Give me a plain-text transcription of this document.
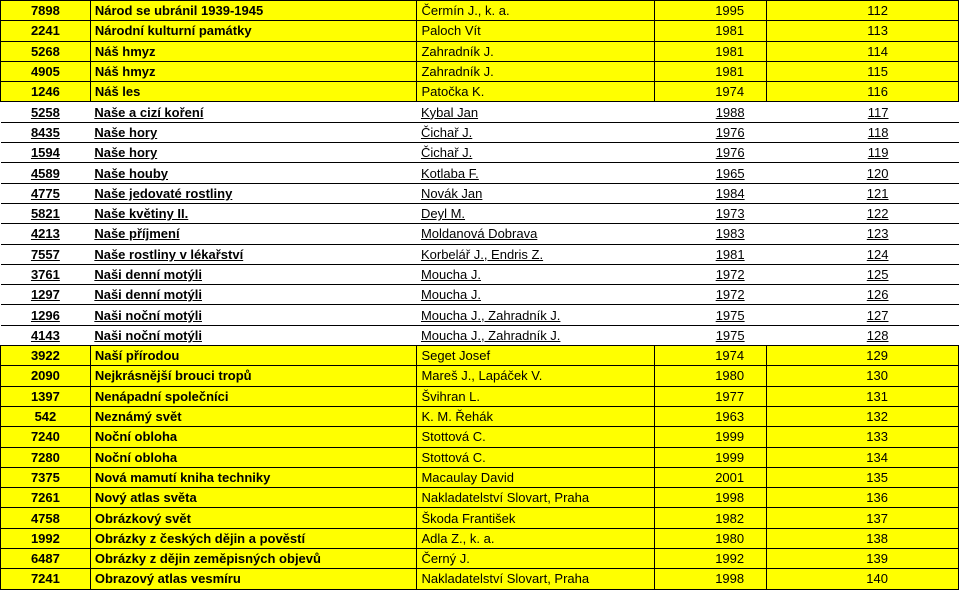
7898	Národ se ubránil 1939-1945	Čermín J., k. a.	1995	112
2241	Národní kulturní památky	Paloch Vít	1981	113
5268	Náš hmyz	Zahradník J.	1981	114
4905	Náš hmyz	Zahradník J.	1981	115
1246	Náš les	Patočka K.	1974	116
5258	Naše a cizí koření	Kybal Jan	1988	117
8435	Naše hory	Čichař J.	1976	118
1594	Naše hory	Čichař J.	1976	119
4589	Naše houby	Kotlaba F.	1965	120
4775	Naše jedovaté rostliny	Novák Jan	1984	121
5821	Naše květiny II.	Deyl M.	1973	122
4213	Naše příjmení	Moldanová Dobrava	1983	123
7557	Naše rostliny v lékařství	Korbelář J., Endris Z.	1981	124
3761	Naši denní motýli	Moucha J.	1972	125
1297	Naši denní motýli	Moucha J.	1972	126
1296	Naši noční motýli	Moucha J., Zahradník J.	1975	127
4143	Naši noční motýli	Moucha J., Zahradník J.	1975	128
3922	Naší přírodou	Seget Josef	1974	129
2090	Nejkrásnější brouci tropů	Mareš J., Lapáček V.	1980	130
1397	Nenápadní společníci	Švihran L.	1977	131
542	Neznámý svět	K. M. Řehák	1963	132
7240	Noční obloha	Stottová C.	1999	133
7280	Noční obloha	Stottová C.	1999	134
7375	Nová mamutí kniha techniky	Macaulay David	2001	135
7261	Nový atlas světa	Nakladatelství Slovart, Praha	1998	136
4758	Obrázkový svět	Škoda František	1982	137
1992	Obrázky z českých dějin a pověstí	Adla Z., k. a.	1980	138
6487	Obrázky z dějin zeměpisných objevů	Černý J.	1992	139
7241	Obrazový atlas vesmíru	Nakladatelství Slovart, Praha	1998	140
